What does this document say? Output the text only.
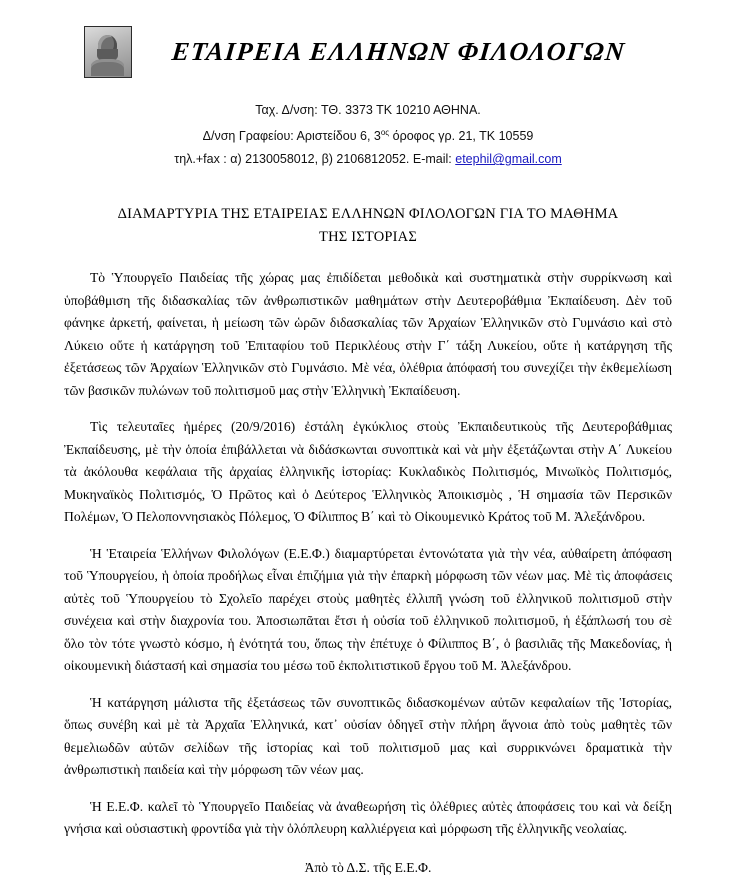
ΕΤΑΙΡΕΙΑ ΕΛΛΗΝΩΝ ΦΙΛΟΛΟΓΩΝ
Ταχ. Δ/νση: ΤΘ. 3373 ΤΚ 10210 ΑΘΗΝΑ.
Δ/νση Γραφείου: Αριστείδου 6, $3^{o\varsigma}$ όροφος γρ. 21, ΤΚ 10559
τηλ.+fax : α) 2130058012, β) 2106812052. E-mail: etephil@gmail.com
ΔΙΑΜΑΡΤΥΡΙΑ ΤΗΣ ΕΤΑΙΡΕΙΑΣ ΕΛΛΗΝΩΝ ΦΙΛΟΛΟΓΩΝ ΓΙΑ ΤΟ ΜΑΘΗΜΑ
ΤΗΣ ΙΣΤΟΡΙΑΣ

Τὸ Ὑπουργεῖο Παιδείας τῆς χώρας μας ἐπιδίδεται μεθοδικὰ καὶ συστηματικὰ στὴν συρρίκνωση καὶ ὑποβάθμιση τῆς διδασκαλίας τῶν ἀνθρωπιστικῶν μαθημάτων στὴν Δευτεροβάθμια Ἐκπαίδευση. Δὲν τοῦ φάνηκε ἀρκετή, φαίνεται, ἡ μείωση τῶν ὡρῶν διδασκαλίας τῶν Ἀρχαίων Ἑλληνικῶν στὸ Γυμνάσιο καὶ στὸ Λύκειο οὔτε ἡ κατάργηση τοῦ Ἐπιταφίου τοῦ Περικλέους στὴν Γ΄ τάξη Λυκείου, οὔτε ἡ κατάργηση τῆς ἐξετάσεως τῶν Ἀρχαίων Ἑλληνικῶν στὸ Γυμνάσιο. Μὲ νέα, ὀλέθρια ἀπόφασή του συνεχίζει τὴν ἐκθεμελίωση τῶν βασικῶν πυλώνων τοῦ πολιτισμοῦ μας στὴν Ἑλληνικὴ Ἐκπαίδευση.

Τὶς τελευταῖες ἡμέρες (20/9/2016) ἐστάλη ἐγκύκλιος στοὺς Ἐκπαιδευτικοὺς τῆς Δευτεροβάθμιας Ἐκπαίδευσης, μὲ τὴν ὁποία ἐπιβάλλεται νὰ διδάσκωνται συνοπτικὰ καὶ νὰ μὴν ἐξετάζωνται στὴν Α΄ Λυκείου τὰ ἀκόλουθα κεφάλαια τῆς ἀρχαίας ἑλληνικῆς ἱστορίας: Κυκλαδικὸς Πολιτισμός, Μινωϊκὸς Πολιτισμός, Μυκηναϊκὸς Πολιτισμός, Ὁ Πρῶτος καὶ ὁ Δεύτερος Ἑλληνικὸς Ἀποικισμὸς , Ἡ σημασία τῶν Περσικῶν Πολέμων, Ὁ Πελοποννησιακὸς Πόλεμος, Ὁ Φίλιππος Β΄ καὶ τὸ Οἰκουμενικὸ Κράτος τοῦ Μ. Ἀλεξάνδρου.

Ἡ Ἑταιρεία Ἑλλήνων Φιλολόγων (Ε.Ε.Φ.) διαμαρτύρεται ἐντονώτατα γιὰ τὴν νέα, αὐθαίρετη ἀπόφαση τοῦ Ὑπουργείου, ἡ ὁποία προδήλως εἶναι ἐπιζήμια γιὰ τὴν ἐπαρκὴ μόρφωση τῶν νέων μας. Μὲ τὶς ἀποφάσεις αὐτὲς τοῦ Ὑπουργείου τὸ Σχολεῖο παρέχει στοὺς μαθητὲς ἐλλιπῆ γνώση τοῦ ἑλληνικοῦ πολιτισμοῦ στὴν συνέχεια καὶ στὴν διαχρονία του. Ἀποσιωπᾶται ἔτσι ἡ οὐσία τοῦ ἑλληνικοῦ πολιτισμοῦ, ἡ ἐξάπλωσή του σὲ ὅλο τὸν τότε γνωστὸ κόσμο, ἡ ἑνότητά του, ὅπως τὴν ἐπέτυχε ὁ Φίλιππος Β΄, ὁ βασιλιᾶς τῆς Μακεδονίας, ἡ οἰκουμενικὴ διάστασή καὶ σημασία του μέσω τοῦ ἐκπολιτιστικοῦ ἔργου τοῦ Μ. Ἀλεξάνδρου.

Ἡ κατάργηση μάλιστα τῆς ἐξετάσεως τῶν συνοπτικῶς διδασκομένων αὐτῶν κεφαλαίων τῆς Ἱστορίας, ὅπως συνέβη καὶ μὲ τὰ Ἀρχαῖα Ἑλληνικά, κατ᾿ οὐσίαν ὁδηγεῖ στὴν πλήρη ἄγνοια ἀπὸ τοὺς μαθητὲς τῶν θεμελιωδῶν αὐτῶν σελίδων τῆς ἱστορίας καὶ τοῦ πολιτισμοῦ μας καὶ συρρικνώνει δραματικὰ τὴν ἀνθρωπιστικὴ παιδεία καὶ τὴν μόρφωση τῶν νέων μας.

Ἡ Ε.Ε.Φ. καλεῖ τὸ Ὑπουργεῖο Παιδείας νὰ ἀναθεωρήση τὶς ὀλέθριες αὐτὲς ἀποφάσεις του καὶ νὰ δείξη γνήσια καὶ οὐσιαστικὴ φροντίδα γιὰ τὴν ὁλόπλευρη καλλιέργεια καὶ μόρφωση τῆς ἑλληνικῆς νεολαίας.

Ἀπὸ τὸ Δ.Σ. τῆς Ε.Ε.Φ.
